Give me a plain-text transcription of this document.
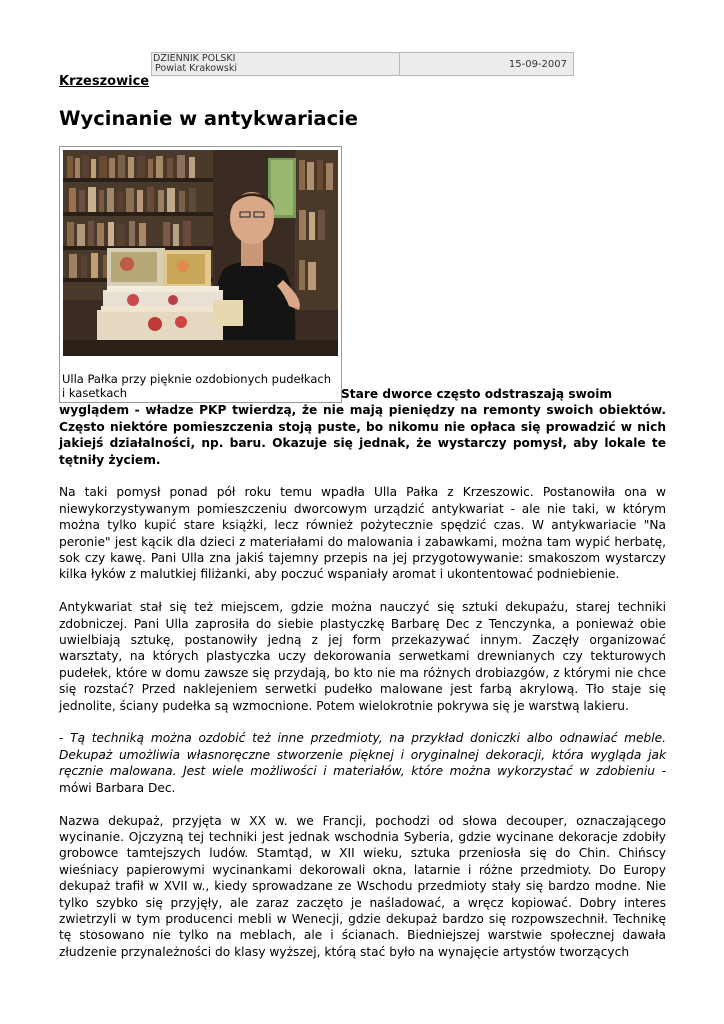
DZIENNIK POLSKI
Powiat Krakowski	15-09-2007
Krzeszowice
Wycinanie w antykwariacie
Ulla Pałka przy pięknie ozdobionych pudełkach i kasetkach	Stare dworce często odstraszają swoim
wyglądem - władze PKP twierdzą, że nie mają pieniędzy na remonty swoich obiektów. Często niektóre pomieszczenia stoją puste, bo nikomu nie opłaca się prowadzić w nich jakiejś działalności, np. baru. Okazuje się jednak, że wystarczy pomysł, aby lokale te tętniły życiem.

Na taki pomysł ponad pół roku temu wpadła Ulla Pałka z Krzeszowic. Postanowiła ona w niewykorzystywanym pomieszczeniu dworcowym urządzić antykwariat - ale nie taki, w którym można tylko kupić stare książki, lecz również pożytecznie spędzić czas. W antykwariacie "Na peronie" jest kącik dla dzieci z materiałami do malowania i zabawkami, można tam wypić herbatę, sok czy kawę. Pani Ulla zna jakiś tajemny przepis na jej przygotowywanie: smakoszom wystarczy kilka łyków z malutkiej filiżanki, aby poczuć wspaniały aromat i ukontentować podniebienie.

Antykwariat stał się też miejscem, gdzie można nauczyć się sztuki dekupażu, starej techniki zdobniczej. Pani Ulla zaprosiła do siebie plastyczkę Barbarę Dec z Tenczynka, a ponieważ obie uwielbiają sztukę, postanowiły jedną z jej form przekazywać innym. Zaczęły organizować warsztaty, na których plastyczka uczy dekorowania serwetkami drewnianych czy tekturowych pudełek, które w domu zawsze się przydają, bo kto nie ma różnych drobiazgów, z którymi nie chce się rozstać? Przed naklejeniem serwetki pudełko malowane jest farbą akrylową. Tło staje się jednolite, ściany pudełka są wzmocnione. Potem wielokrotnie pokrywa się je warstwą lakieru.

- Tą techniką można ozdobić też inne przedmioty, na przykład doniczki albo odnawiać meble. Dekupaż umożliwia własnoręczne stworzenie pięknej i oryginalnej dekoracji, która wygląda jak ręcznie malowana. Jest wiele możliwości i materiałów, które można wykorzystać w zdobieniu - mówi Barbara Dec.

Nazwa dekupaż, przyjęta w XX w. we Francji, pochodzi od słowa decouper, oznaczającego wycinanie. Ojczyzną tej techniki jest jednak wschodnia Syberia, gdzie wycinane dekoracje zdobiły grobowce tamtejszych ludów. Stamtąd, w XII wieku, sztuka przeniosła się do Chin. Chińscy wieśniacy papierowymi wycinankami dekorowali okna, latarnie i różne przedmioty. Do Europy dekupaż trafił w XVII w., kiedy sprowadzane ze Wschodu przedmioty stały się bardzo modne. Nie tylko szybko się przyjęły, ale zaraz zaczęto je naśladować, a wręcz kopiować. Dobry interes zwietrzyli w tym producenci mebli w Wenecji, gdzie dekupaż bardzo się rozpowszechnił. Technikę tę stosowano nie tylko na meblach, ale i ścianach. Biedniejszej warstwie społecznej dawała złudzenie przynależności do klasy wyższej, którą stać było na wynajęcie artystów tworzących
